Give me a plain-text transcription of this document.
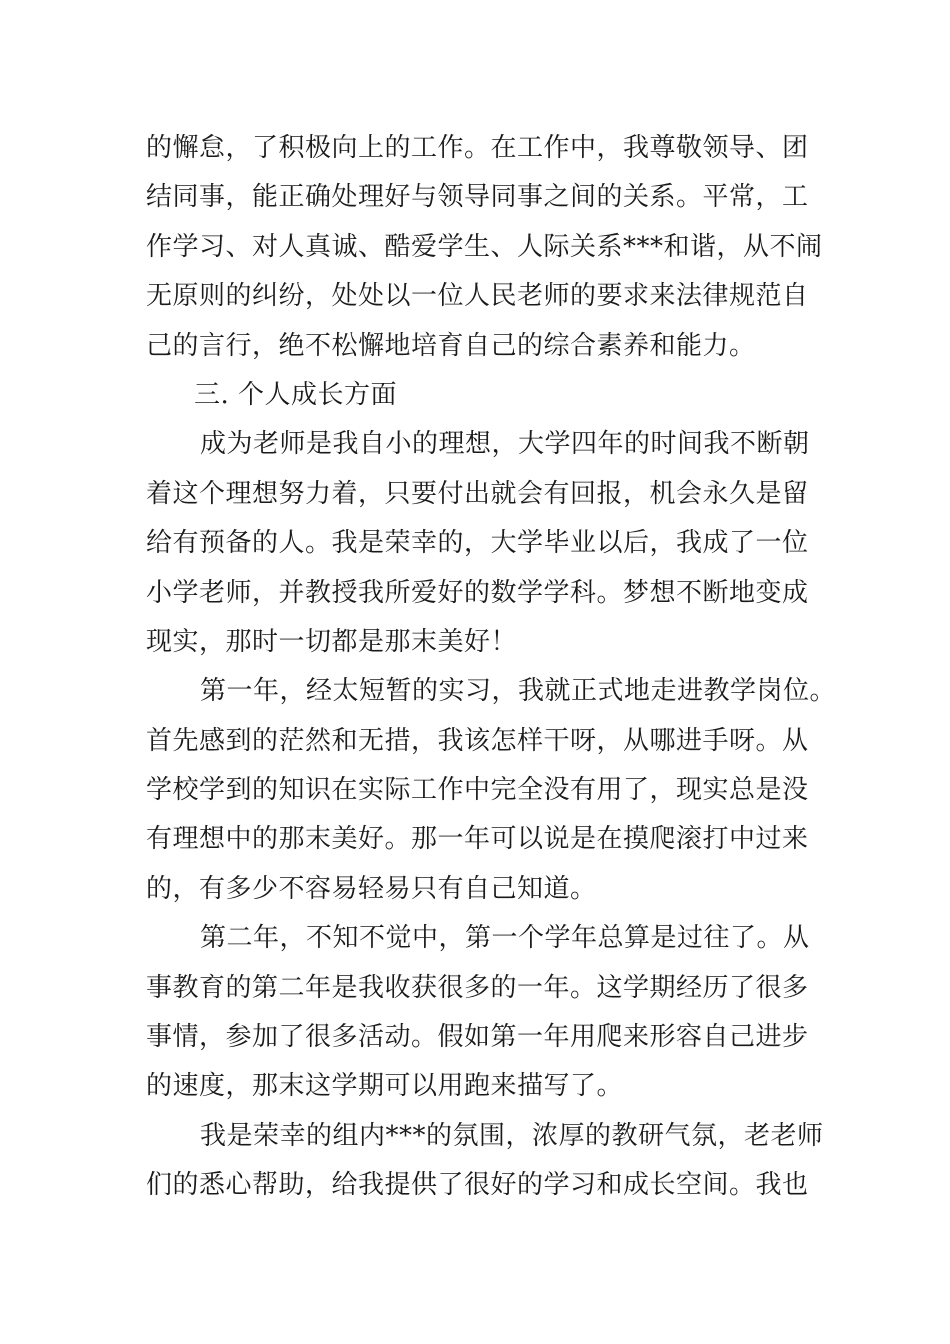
的懈怠，了积极向上的工作。在工作中，我尊敬领导、团
结同事，能正确处理好与领导同事之间的关系。平常，工
作学习、对人真诚、酷爱学生、人际关系***和谐，从不闹
无原则的纠纷，处处以一位人民老师的要求来法律规范自
己的言行，绝不松懈地培育自己的综合素养和能力。
三. 个人成长方面
成为老师是我自小的理想，大学四年的时间我不断朝
着这个理想努力着，只要付出就会有回报，机会永久是留
给有预备的人。我是荣幸的，大学毕业以后，我成了一位
小学老师，并教授我所爱好的数学学科。梦想不断地变成
现实，那时一切都是那末美好！
第一年，经太短暂的实习，我就正式地走进教学岗位。
首先感到的茫然和无措，我该怎样干呀，从哪进手呀。从
学校学到的知识在实际工作中完全没有用了，现实总是没
有理想中的那末美好。那一年可以说是在摸爬滚打中过来
的，有多少不容易轻易只有自己知道。
第二年，不知不觉中，第一个学年总算是过往了。从
事教育的第二年是我收获很多的一年。这学期经历了很多
事情，参加了很多活动。假如第一年用爬来形容自己进步
的速度，那末这学期可以用跑来描写了。
我是荣幸的组内***的氛围，浓厚的教研气氛，老老师
们的悉心帮助，给我提供了很好的学习和成长空间。我也
